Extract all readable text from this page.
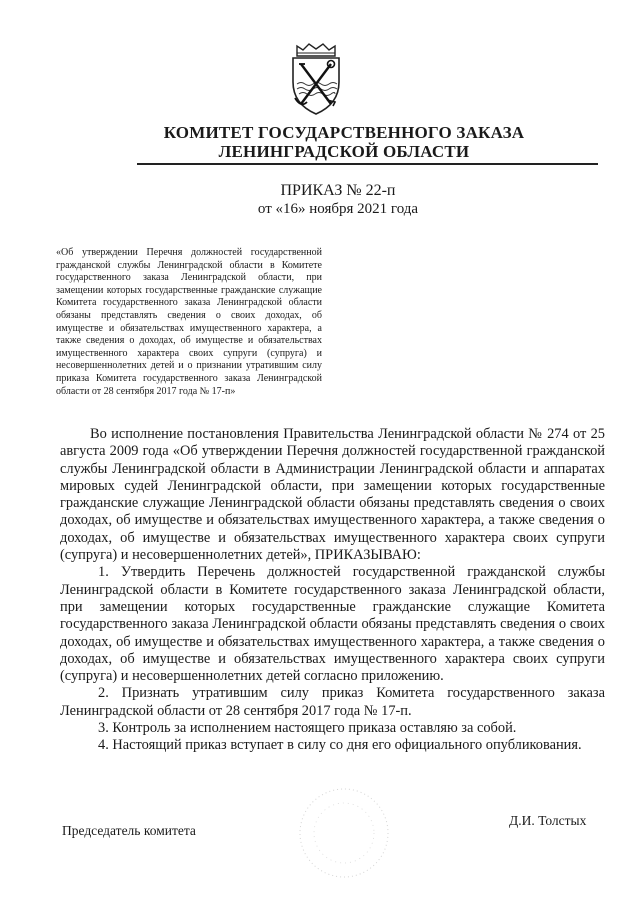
КОМИТЕТ ГОСУДАРСТВЕННОГО ЗАКАЗА
ЛЕНИНГРАДСКОЙ ОБЛАСТИ
ПРИКАЗ № 22-п
от «16» ноября 2021 года
«Об утверждении Перечня должностей государственной гражданской службы Ленинградской области в Комитете государственного заказа Ленинградской области, при замещении которых государственные гражданские служащие Комитета государственного заказа Ленинградской области обязаны представлять сведения о своих доходах, об имуществе и обязательствах имущественного характера, а также сведения о доходах, об имуществе и обязательствах имущественного характера своих супруги (супруга) и несовершеннолетних детей и о признании утратившим силу приказа Комитета государственного заказа Ленинградской области от 28 сентября 2017 года № 17-п»

Во исполнение постановления Правительства Ленинградской области № 274 от 25 августа 2009 года «Об утверждении Перечня должностей государственной гражданской службы Ленинградской области в Администрации Ленинградской области и аппаратах мировых судей Ленинградской области, при замещении которых государственные гражданские служащие Ленинградской области обязаны представлять сведения о своих доходах, об имуществе и обязательствах имущественного характера, а также сведения о доходах, об имуществе и обязательствах имущественного характера своих супруги (супруга) и несовершеннолетних детей», ПРИКАЗЫВАЮ:

1. Утвердить Перечень должностей государственной гражданской службы Ленинградской области в Комитете государственного заказа Ленинградской области, при замещении которых государственные гражданские служащие Комитета государственного заказа Ленинградской области обязаны представлять сведения о своих доходах, об имуществе и обязательствах имущественного характера, а также сведения о доходах, об имуществе и обязательствах имущественного характера своих супруги (супруга) и несовершеннолетних детей согласно приложению.

2. Признать утратившим силу приказ Комитета государственного заказа Ленинградской области от 28 сентября 2017 года № 17-п.

3. Контроль за исполнением настоящего приказа оставляю за собой.

4. Настоящий приказ вступает в силу со дня его официального опубликования.

Председатель комитета
Д.И. Толстых
